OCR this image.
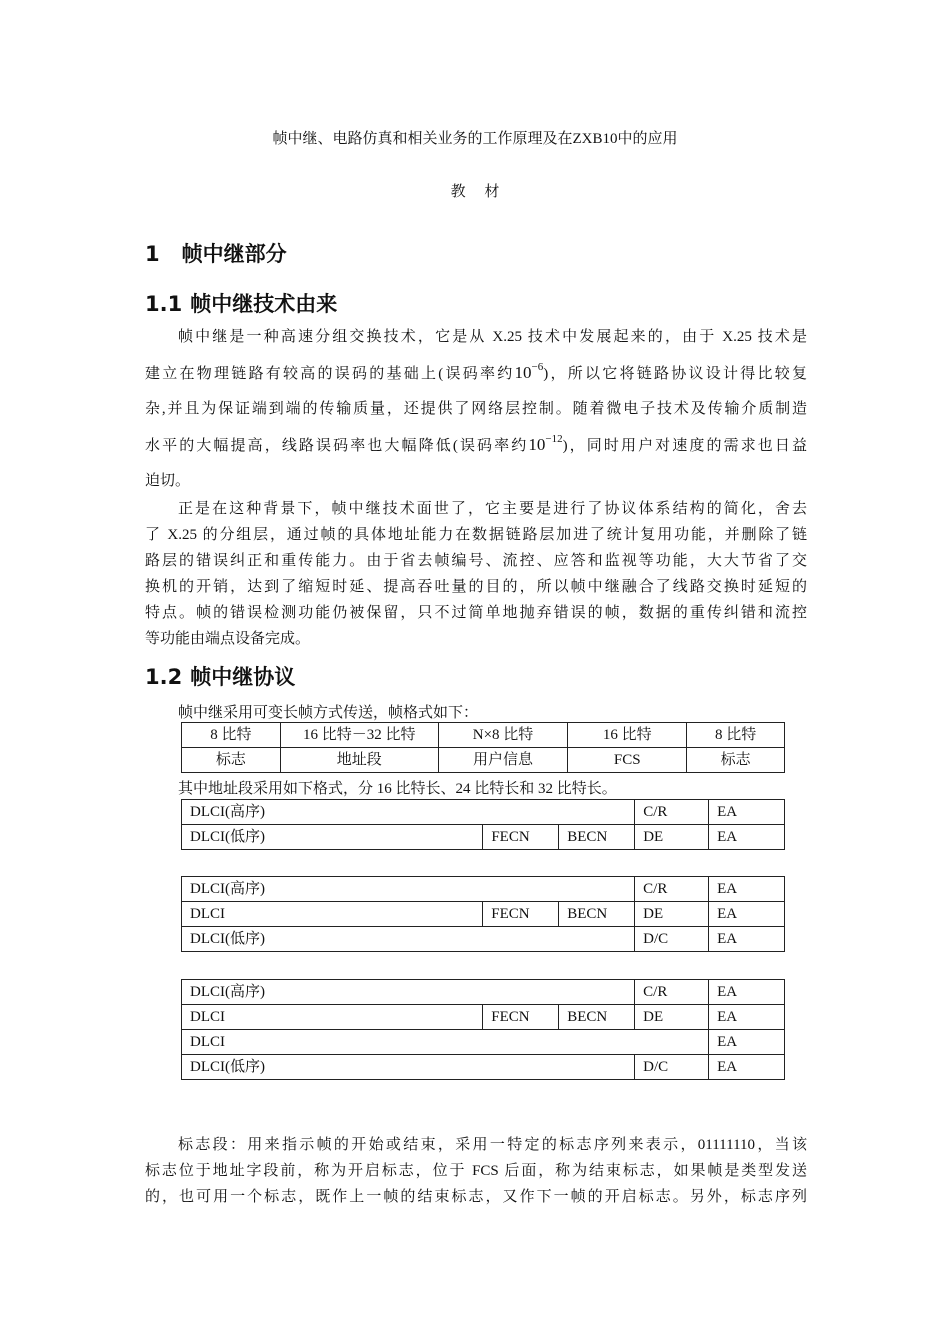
帧中继、电路仿真和相关业务的工作原理及在ZXB10中的应用
教　 材
1 帧中继部分
1.1 帧中继技术由来
帧中继是一种高速分组交换技术，它是从 X.25 技术中发展起来的，由于 X.25 技术是
建立在物理链路有较高的误码的基础上(误码率约$10^{-6}$)，所以它将链路协议设计得比较复
杂,并且为保证端到端的传输质量，还提供了网络层控制。随着微电子技术及传输介质制造
水平的大幅提高，线路误码率也大幅降低(误码率约$10^{-12}$)，同时用户对速度的需求也日益
迫切。
正是在这种背景下，帧中继技术面世了，它主要是进行了协议体系结构的简化，舍去
了 X.25 的分组层，通过帧的具体地址能力在数据链路层加进了统计复用功能，并删除了链
路层的错误纠正和重传能力。由于省去帧编号、流控、应答和监视等功能，大大节省了交
换机的开销，达到了缩短时延、提高吞吐量的目的，所以帧中继融合了线路交换时延短的
特点。帧的错误检测功能仍被保留，只不过简单地抛弃错误的帧，数据的重传纠错和流控
等功能由端点设备完成。
1.2 帧中继协议
帧中继采用可变长帧方式传送，帧格式如下：
8 比特	16 比特－32 比特	N×8 比特	16 比特	8 比特
标志	地址段	用户信息	FCS	标志
其中地址段采用如下格式，分 16 比特长、24 比特长和 32 比特长。
DLCI(高序)			C/R	EA
DLCI(低序)	FECN	BECN	DE	EA
DLCI(高序)			C/R	EA
DLCI	FECN	BECN	DE	EA
DLCI(低序)			D/C	EA
DLCI(高序)			C/R	EA
DLCI	FECN	BECN	DE	EA
DLCI				EA
DLCI(低序)			D/C	EA
标志段：用来指示帧的开始或结束，采用一特定的标志序列来表示，01111110，当该
标志位于地址字段前，称为开启标志，位于 FCS 后面，称为结束标志，如果帧是类型发送
的，也可用一个标志，既作上一帧的结束标志，又作下一帧的开启标志。另外，标志序列
